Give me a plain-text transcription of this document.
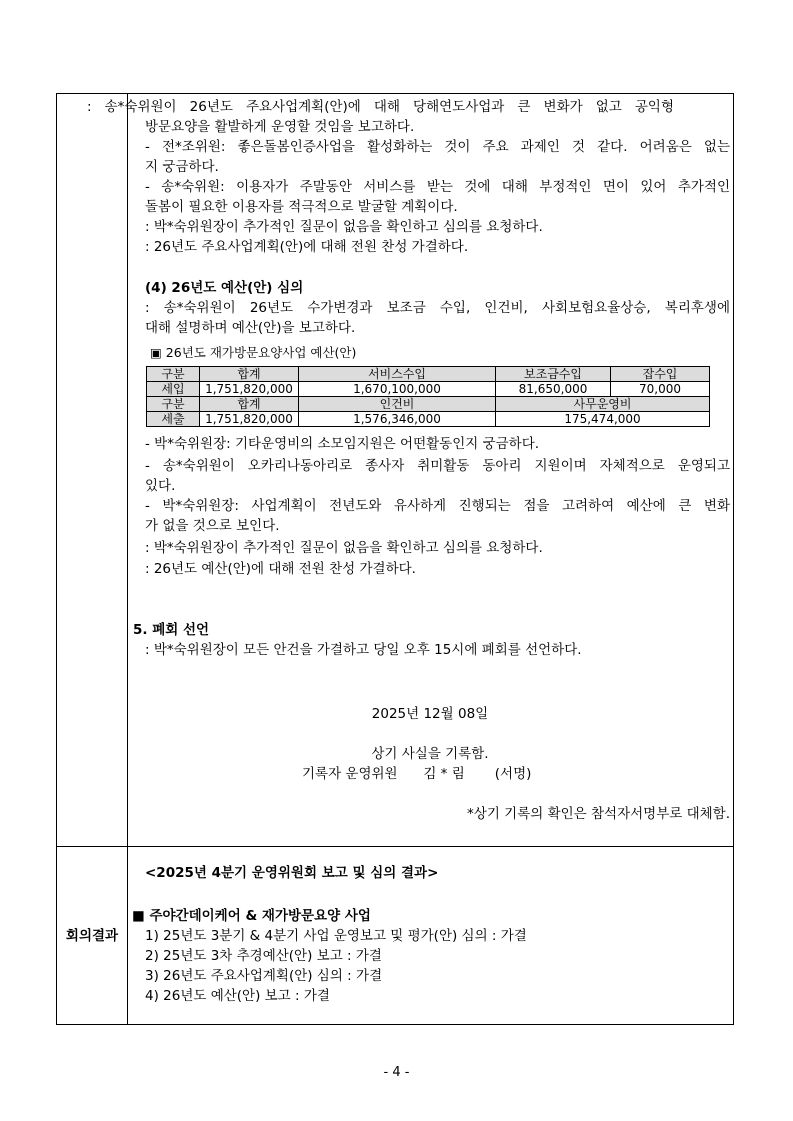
: 송*숙위원이 26년도 주요사업계획(안)에 대해 당해연도사업과 큰 변화가 없고 공익형
방문요양을 활발하게 운영할 것임을 보고하다.
- 전*조위원: 좋은돌봄인증사업을 활성화하는 것이 주요 과제인 것 같다. 어려움은 없는
지 궁금하다.
- 송*숙위원: 이용자가 주말동안 서비스를 받는 것에 대해 부정적인 면이 있어 추가적인
돌봄이 필요한 이용자를 적극적으로 발굴할 계획이다.
: 박*숙위원장이 추가적인 질문이 없음을 확인하고 심의를 요청하다.
: 26년도 주요사업계획(안)에 대해 전원 찬성 가결하다.
(4) 26년도 예산(안) 심의
: 송*숙위원이 26년도 수가변경과 보조금 수입, 인건비, 사회보험요율상승, 복리후생에
대해 설명하며 예산(안)을 보고하다.
▣ 26년도 재가방문요양사업 예산(안)
구분	합계	서비스수입	보조금수입	잡수입
세입	1,751,820,000	1,670,100,000	81,650,000	70,000
구분	합계	인건비	사무운영비	
세출	1,751,820,000	1,576,346,000	175,474,000	
- 박*숙위원장: 기타운영비의 소모임지원은 어떤활동인지 궁금하다.
- 송*숙위원이 오카리나동아리로 종사자 취미활동 동아리 지원이며 자체적으로 운영되고
있다.
- 박*숙위원장: 사업계획이 전년도와 유사하게 진행되는 점을 고려하여 예산에 큰 변화
가 없을 것으로 보인다.
: 박*숙위원장이 추가적인 질문이 없음을 확인하고 심의를 요청하다.
: 26년도 예산(안)에 대해 전원 찬성 가결하다.
5. 폐회 선언
: 박*숙위원장이 모든 안건을 가결하고 당일 오후 15시에 폐회를 선언하다.
2025년 12월 08일
상기 사실을 기록함.
기록자 운영위원      김 * 림       (서명)
*상기 기록의 확인은 참석자서명부로 대체함.
회의결과
<2025년 4분기 운영위원회 보고 및 심의 결과>
■ 주야간데이케어 & 재가방문요양 사업
1) 25년도 3분기 & 4분기 사업 운영보고 및 평가(안) 심의 : 가결
2) 25년도 3차 추경예산(안) 보고 : 가결
3) 26년도 주요사업계획(안) 심의 : 가결
4) 26년도 예산(안) 보고 : 가결
- 4 -
